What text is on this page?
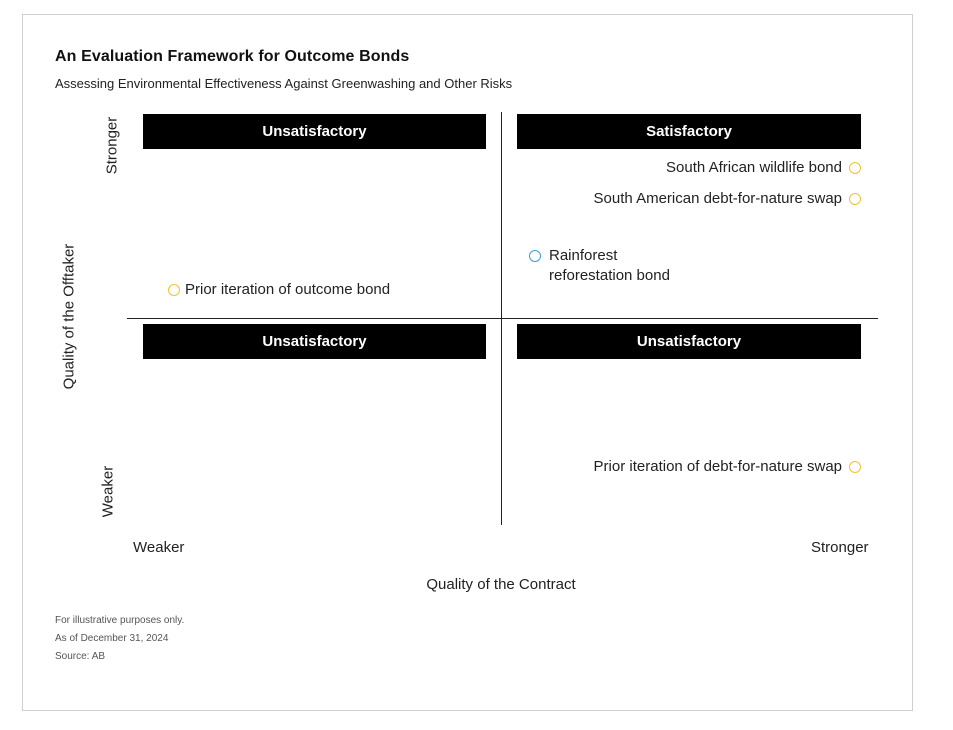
An Evaluation Framework for Outcome Bonds
Assessing Environmental Effectiveness Against Greenwashing and Other Risks
Unsatisfactory	Satisfactory
Unsatisfactory	Unsatisfactory
South African wildlife bond
South American debt-for-nature swap
Rainforest reforestation bond
Prior iteration of outcome bond
Prior iteration of debt-for-nature swap
Weaker	Stronger
Quality of the Contract
Stronger
Weaker
Quality of the Offtaker
For illustrative purposes only.
As of December 31, 2024
Source: AB
